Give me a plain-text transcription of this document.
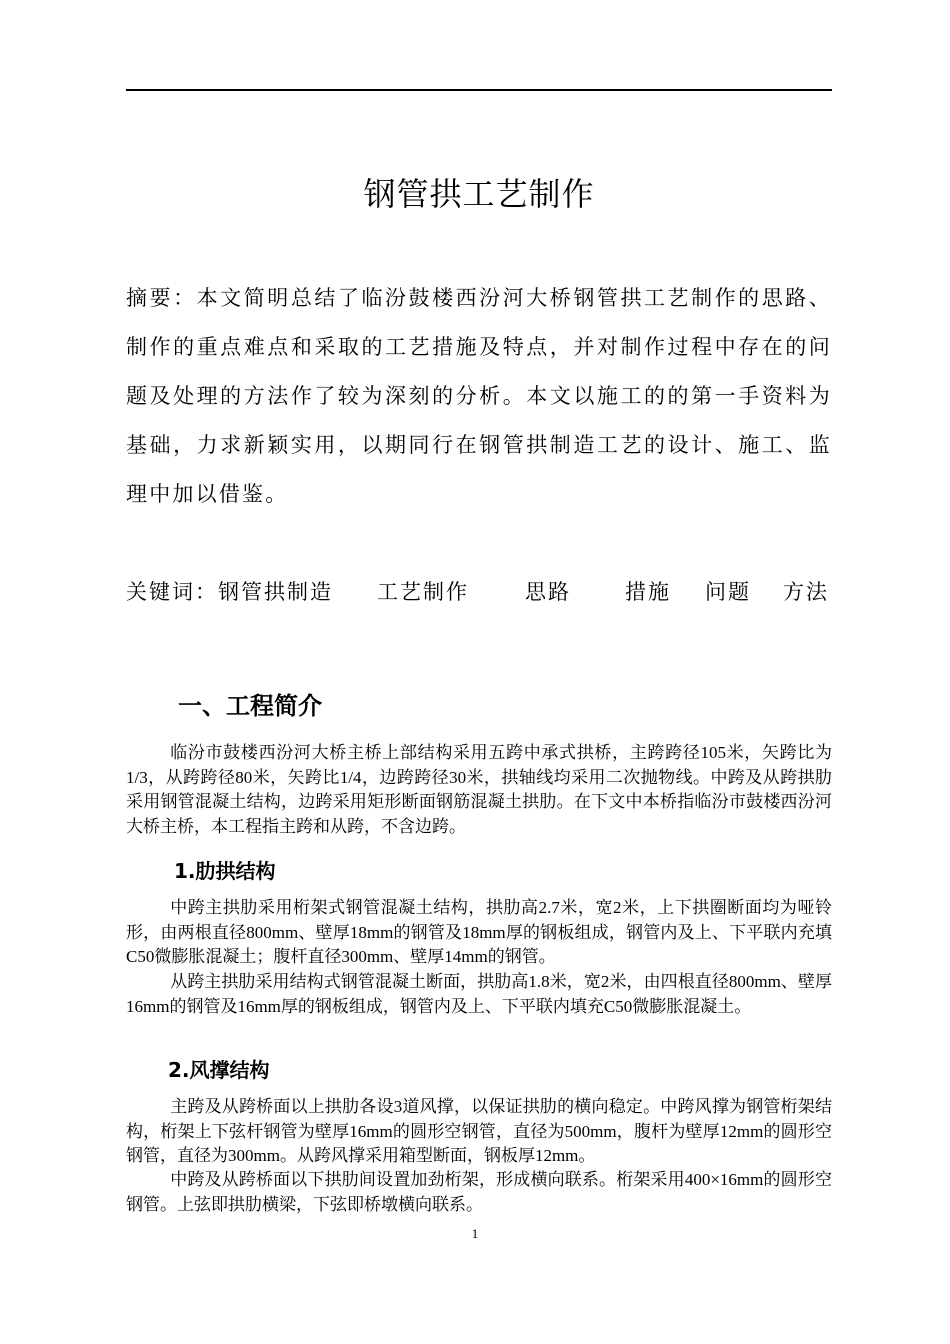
钢管拱工艺制作
摘要：本文简明总结了临汾鼓楼西汾河大桥钢管拱工艺制作的思路、制作的重点难点和采取的工艺措施及特点，并对制作过程中存在的问题及处理的方法作了较为深刻的分析。本文以施工的的第一手资料为基础，力求新颖实用，以期同行在钢管拱制造工艺的设计、施工、监理中加以借鉴。
关键词：钢管拱制造 工艺制作	思路	措施 问题 方法
一、工程简介
临汾市鼓楼西汾河大桥主桥上部结构采用五跨中承式拱桥，主跨跨径105米，矢跨比为1/3，从跨跨径80米，矢跨比1/4，边跨跨径30米，拱轴线均采用二次抛物线。中跨及从跨拱肋采用钢管混凝土结构，边跨采用矩形断面钢筋混凝土拱肋。在下文中本桥指临汾市鼓楼西汾河大桥主桥，本工程指主跨和从跨，不含边跨。
1.肋拱结构
中跨主拱肋采用桁架式钢管混凝土结构，拱肋高2.7米，宽2米，上下拱圈断面均为哑铃形，由两根直径800mm、壁厚18mm的钢管及18mm厚的钢板组成，钢管内及上、下平联内充填C50微膨胀混凝土；腹杆直径300mm、壁厚14mm的钢管。
从跨主拱肋采用结构式钢管混凝土断面，拱肋高1.8米，宽2米，由四根直径800mm、壁厚16mm的钢管及16mm厚的钢板组成，钢管内及上、下平联内填充C50微膨胀混凝土。
2.风撑结构
主跨及从跨桥面以上拱肋各设3道风撑，以保证拱肋的横向稳定。中跨风撑为钢管桁架结构，桁架上下弦杆钢管为壁厚16mm的圆形空钢管，直径为500mm，腹杆为壁厚12mm的圆形空钢管，直径为300mm。从跨风撑采用箱型断面，钢板厚12mm。
中跨及从跨桥面以下拱肋间设置加劲桁架，形成横向联系。桁架采用400×16mm的圆形空钢管。上弦即拱肋横梁，下弦即桥墩横向联系。
1
